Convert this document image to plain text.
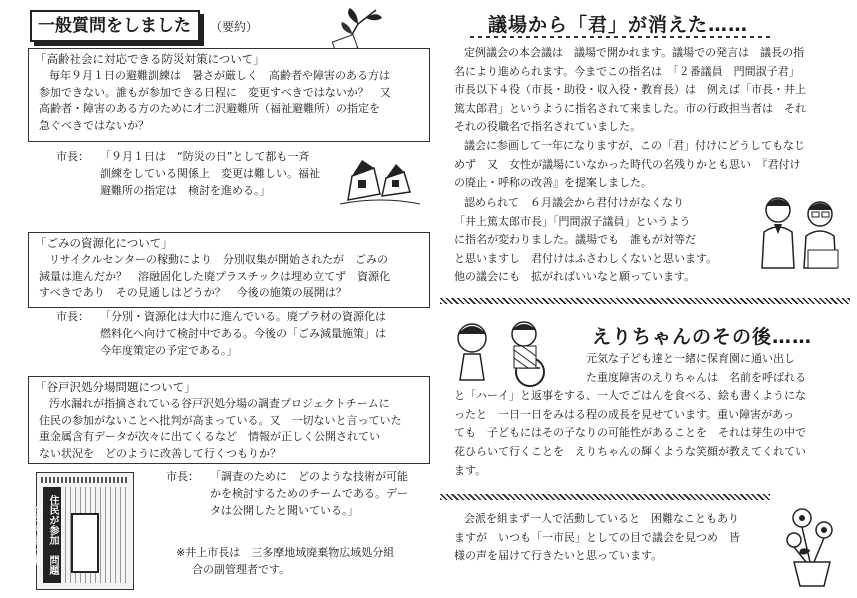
一般質問をしました	（要約）
「高齢社会に対応できる防災対策について」
毎年９月１日の避難訓練は　暑さが厳しく　高齢者や障害のある方は
参加できない。誰もが参加できる日程に　変更すべきではないか？　又
高齢者・障害のある方のために才二沢避難所（福祉避難所）の指定を
急ぐべきではないか？
市長： 「９月１日は　“防災の日”として都も一斉
訓練をしている関係上　変更は難しい。福祉
避難所の指定は　検討を進める。」
「ごみの資源化について」
リサイクルセンターの稼動により　分別収集が開始されたが　ごみの
減量は進んだか？　溶融固化した廃プラスチックは埋め立てず　資源化
すべきであり　その見通しはどうか？　今後の施策の展開は？
市長： 「分別・資源化は大巾に進んでいる。廃プラ材の資源化は
燃料化へ向けて検討中である。今後の「ごみ減量施策」は
今年度策定の予定である。」
「谷戸沢処分場問題について」
汚水漏れが指摘されている谷戸沢処分場の調査プロジェクトチームに
住民の参加がないことへ批判が高まっている。又　一切ないと言っていた
重金属含有データが次々に出てくるなど　情報が正しく公開されてい
ない状況を　どのように改善して行くつもりか？
住民が参加　問題　谷戸沢処分場
市長： 「調査のために　どのような技術が可能
かを検討するためのチームである。デー
タは公開したと聞いている。」
※井上市長は　三多摩地域廃棄物広域処分組
合の副管理者です。
議場から「君」が消えた……
定例議会の本会議は　議場で開かれます。議場での発言は　議長の指
名により進められます。今までこの指名は　「２番議員　門間淑子君」
市長以下４役（市長・助役・収入役・教育長）は　例えば「市長・井上
篤太郎君」というように指名されて来ました。市の行政担当者は　それ
それの役職名で指名されていました。
議会に参画して一年になりますが、この「君」付けにどうしてもなじ
めず　又　女性が議場にいなかった時代の名残りかとも思い　『君付け
の廃止・呼称の改善』を提案しました。
認められて　６月議会から君付けがなくなり
「井上篤太郎市長」「門間淑子議員」というよう
に指名が変わりました。議場でも　誰もが対等だ
と思いますし　君付けはふさわしくないと思います。
他の議会にも　拡がればいいなと願っています。
えりちゃんのその後……
元気な子ども達と一緒に保育園に通い出し
た重度障害のえりちゃんは　名前を呼ばれる
と「ハーイ」と返事をする、一人でごはんを食べる、絵も書くようにな
ったと　一日一日をみはる程の成長を見せています。重い障害があっ
ても　子どもにはその子なりの可能性があることを　それは芽生の中で
花ひらいて行くことを　えりちゃんの輝くような笑顔が教えてくれてい
ます。
会派を組まず一人で活動していると　困難なこともあり
ますが　いつも「一市民」としての目で議会を見つめ　皆
様の声を届けて行きたいと思っています。
